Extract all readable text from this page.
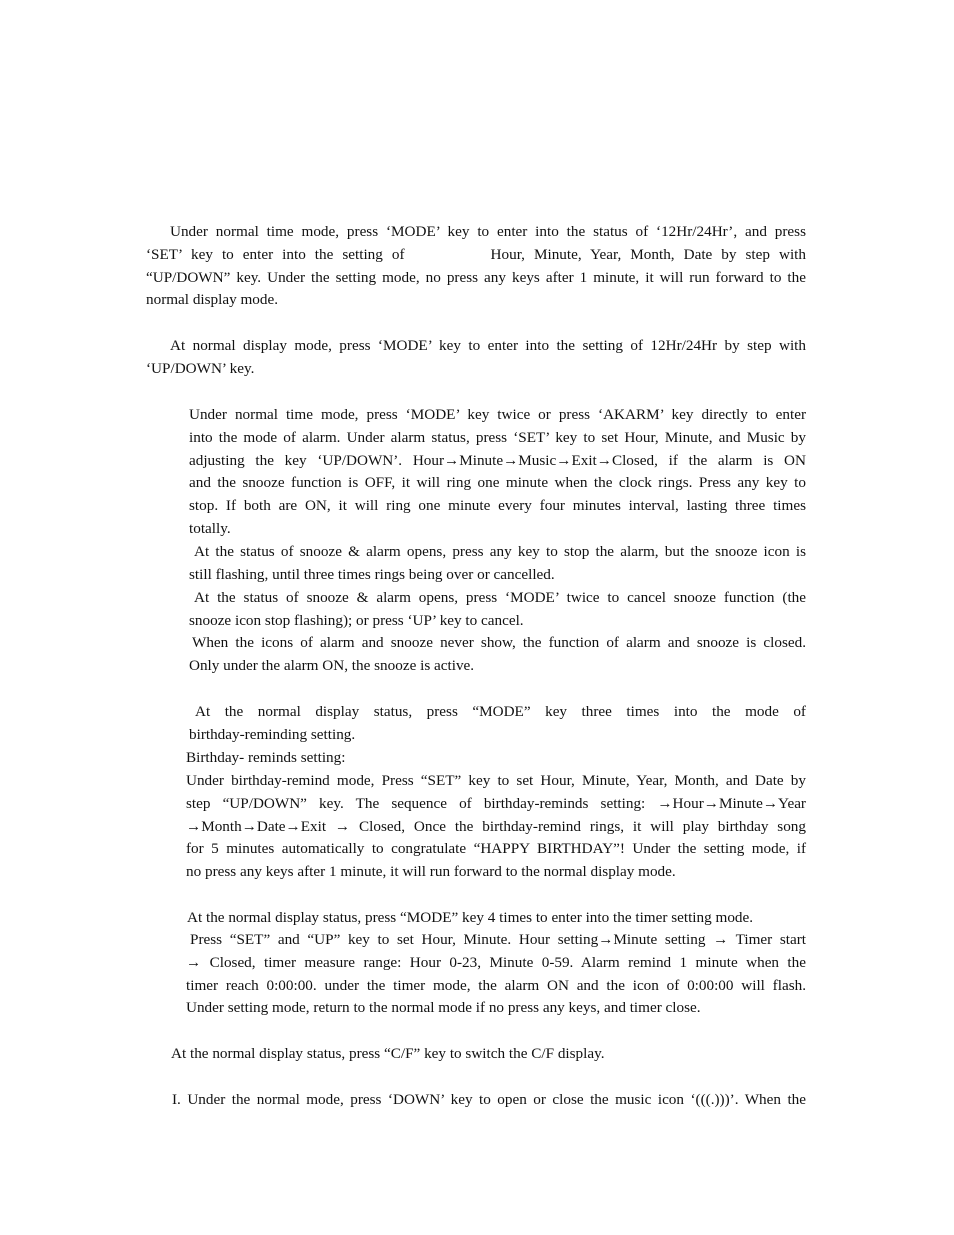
Under normal time mode, press ‘MODE’ key to enter into the status of ‘12Hr/24Hr’, and press
‘SET’ key to enter into the setting of	Hour, Minute, Year, Month, Date by step with
“UP/DOWN” key. Under the setting mode, no press any keys after 1 minute, it will run forward to the
normal display mode.
At normal display mode, press ‘MODE’ key to enter into the setting of 12Hr/24Hr by step with
‘UP/DOWN’ key.
Under normal time mode, press ‘MODE’ key twice or press ‘AKARM’ key directly to enter
into the mode of alarm. Under alarm status, press ‘SET’ key to set Hour, Minute, and Music by
adjusting the key ‘UP/DOWN’. Hour→Minute→Music→Exit→Closed, if the alarm is ON
and the snooze function is OFF, it will ring one minute when the clock rings. Press any key to
stop. If both are ON, it will ring one minute every four minutes interval, lasting three times
totally.
At the status of snooze & alarm opens, press any key to stop the alarm, but the snooze icon is
still flashing, until three times rings being over or cancelled.
At the status of snooze & alarm opens, press ‘MODE’ twice to cancel snooze function (the
snooze icon stop flashing); or press ‘UP’ key to cancel.
When the icons of alarm and snooze never show, the function of alarm and snooze is closed.
Only under the alarm ON, the snooze is active.
At the normal display status, press “MODE” key three times into the mode of
birthday-reminding setting.
Birthday- reminds setting:
Under birthday-remind mode, Press “SET” key to set Hour, Minute, Year, Month, and Date by
step “UP/DOWN” key. The sequence of birthday-reminds setting: →Hour→Minute→Year
→Month→Date→Exit → Closed, Once the birthday-remind rings, it will play birthday song
for 5 minutes automatically to congratulate “HAPPY BIRTHDAY”! Under the setting mode, if
no press any keys after 1 minute, it will run forward to the normal display mode.
At the normal display status, press “MODE” key 4 times to enter into the timer setting mode.
Press “SET” and “UP” key to set Hour, Minute. Hour setting→Minute setting → Timer start
→ Closed, timer measure range: Hour 0-23, Minute 0-59. Alarm remind 1 minute when the
timer reach 0:00:00. under the timer mode, the alarm ON and the icon of 0:00:00 will flash.
Under setting mode, return to the normal mode if no press any keys, and timer close.
At the normal display status, press “C/F” key to switch the C/F display.
I. Under the normal mode, press ‘DOWN’ key to open or close the music icon ‘(((.)))’. When the
